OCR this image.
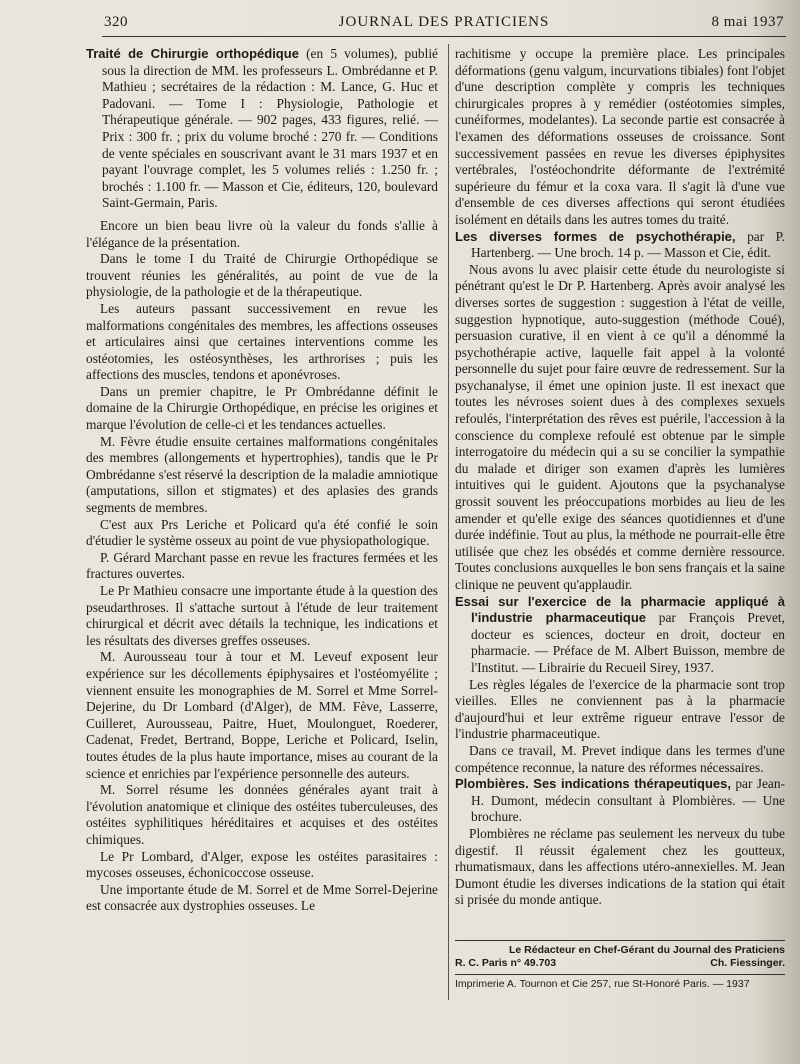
320	JOURNAL DES PRATICIENS	8 mai 1937

Traité de Chirurgie orthopédique (en 5 volumes), publié sous la direction de MM. les professeurs L. Ombrédanne et P. Mathieu ; secrétaires de la rédaction : M. Lance, G. Huc et Padovani. — Tome I : Physiologie, Pathologie et Thérapeutique générale. — 902 pages, 433 figures, relié. — Prix : 300 fr. ; prix du volume broché : 270 fr. — Conditions de vente spéciales en souscrivant avant le 31 mars 1937 et en payant l'ouvrage complet, les 5 volumes reliés : 1.250 fr. ; brochés : 1.100 fr. — Masson et Cie, éditeurs, 120, boulevard Saint-Germain, Paris.

Encore un bien beau livre où la valeur du fonds s'allie à l'élégance de la présentation.

Dans le tome I du Traité de Chirurgie Orthopédique se trouvent réunies les généralités, au point de vue de la physiologie, de la pathologie et de la thérapeutique.

Les auteurs passant successivement en revue les malformations congénitales des membres, les affections osseuses et articulaires ainsi que certaines interventions comme les ostéotomies, les ostéosynthèses, les arthrorises ; puis les affections des muscles, tendons et aponévroses.

Dans un premier chapitre, le Pr Ombrédanne définit le domaine de la Chirurgie Orthopédique, en précise les origines et marque l'évolution de celle-ci et les tendances actuelles.

M. Fèvre étudie ensuite certaines malformations congénitales des membres (allongements et hypertrophies), tandis que le Pr Ombrédanne s'est réservé la description de la maladie amniotique (amputations, sillon et stigmates) et des aplasies des grands segments de membres.

C'est aux Prs Leriche et Policard qu'a été confié le soin d'étudier le système osseux au point de vue physiopathologique.

P. Gérard Marchant passe en revue les fractures fermées et les fractures ouvertes.

Le Pr Mathieu consacre une importante étude à la question des pseudarthroses. Il s'attache surtout à l'étude de leur traitement chirurgical et décrit avec détails la technique, les indications et les résultats des diverses greffes osseuses.

M. Aurousseau tour à tour et M. Leveuf exposent leur expérience sur les décollements épiphysaires et l'ostéomyélite ; viennent ensuite les monographies de M. Sorrel et Mme Sorrel-Dejerine, du Dr Lombard (d'Alger), de MM. Fève, Lasserre, Cuilleret, Aurousseau, Paitre, Huet, Moulonguet, Roederer, Cadenat, Fredet, Bertrand, Boppe, Leriche et Policard, Iselin, toutes études de la plus haute importance, mises au courant de la science et enrichies par l'expérience personnelle des auteurs.

M. Sorrel résume les données générales ayant trait à l'évolution anatomique et clinique des ostéites tuberculeuses, des ostéites syphilitiques héréditaires et acquises et des ostéites chimiques.

Le Pr Lombard, d'Alger, expose les ostéites parasitaires : mycoses osseuses, échonicoccose osseuse.

Une importante étude de M. Sorrel et de Mme Sorrel-Dejerine est consacrée aux dystrophies osseuses. Le

rachitisme y occupe la première place. Les principales déformations (genu valgum, incurvations tibiales) font l'objet d'une description complète y compris les techniques chirurgicales propres à y remédier (ostéotomies simples, cunéiformes, modelantes). La seconde partie est consacrée à l'examen des déformations osseuses de croissance. Sont successivement passées en revue les diverses épiphysites vertébrales, l'ostéochondrite déformante de l'extrémité supérieure du fémur et la coxa vara. Il s'agit là d'une vue d'ensemble de ces diverses affections qui seront étudiées isolément en détails dans les autres tomes du traité.

Les diverses formes de psychothérapie, par P. Hartenberg. — Une broch. 14 p. — Masson et Cie, édit.

Nous avons lu avec plaisir cette étude du neurologiste si pénétrant qu'est le Dr P. Hartenberg. Après avoir analysé les diverses sortes de suggestion : suggestion à l'état de veille, suggestion hypnotique, auto-suggestion (méthode Coué), persuasion curative, il en vient à ce qu'il a dénommé la psychothérapie active, laquelle fait appel à la volonté personnelle du sujet pour faire œuvre de redressement. Sur la psychanalyse, il émet une opinion juste. Il est inexact que toutes les névroses soient dues à des complexes sexuels refoulés, l'interprétation des rêves est puérile, l'accession à la conscience du complexe refoulé est obtenue par le simple interrogatoire du médecin qui a su se concilier la sympathie du malade et diriger son examen d'après les lumières intuitives qui le guident. Ajoutons que la psychanalyse grossit souvent les préoccupations morbides au lieu de les amender et qu'elle exige des séances quotidiennes et d'une durée indéfinie. Tout au plus, la méthode ne pourrait-elle être utilisée que chez les obsédés et comme dernière ressource. Toutes conclusions auxquelles le bon sens français et la saine clinique ne peuvent qu'applaudir.

Essai sur l'exercice de la pharmacie appliqué à l'industrie pharmaceutique par François Prevet, docteur es sciences, docteur en droit, docteur en pharmacie. — Préface de M. Albert Buisson, membre de l'Institut. — Librairie du Recueil Sirey, 1937.

Les règles légales de l'exercice de la pharmacie sont trop vieilles. Elles ne conviennent pas à la pharmacie d'aujourd'hui et leur extrême rigueur entrave l'essor de l'industrie pharmaceutique.

Dans ce travail, M. Prevet indique dans les termes d'une compétence reconnue, la nature des réformes nécessaires.

Plombières. Ses indications thérapeutiques, par Jean-H. Dumont, médecin consultant à Plombières. — Une brochure.

Plombières ne réclame pas seulement les nerveux du tube digestif. Il réussit également chez les goutteux, rhumatismaux, dans les affections utéro-annexielles. M. Jean Dumont étudie les diverses indications de la station qui était si prisée du monde antique.

Le Rédacteur en Chef-Gérant du Journal des Praticiens
R. C. Paris n° 49.703	Ch. Fiessinger.
Imprimerie A. Tournon et Cie 257, rue St-Honoré Paris. — 1937
